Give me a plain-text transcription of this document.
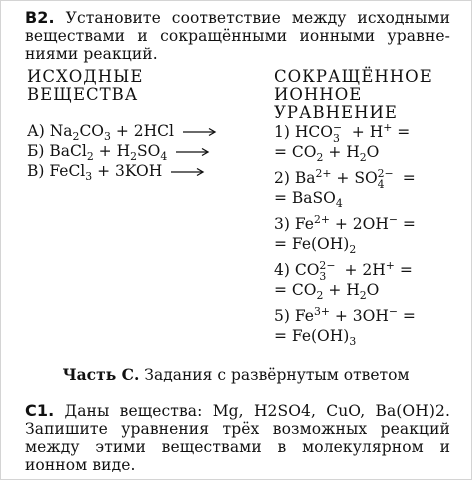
В2. Установите соответствие между исходными веществами и сокращёнными ионными уравне- ниями реакций.
ИСХОДНЫЕ
ВЕЩЕСТВА
СОКРАЩЁННОЕ
ИОННОЕ
УРАВНЕНИЕ
А) $Na_2CO_3 + 2HCl$
Б) BaCl$_2$ + $H_2SO_4$
В) FeCl$_3$ + 3KOH
1) HCO −
3 + H+ =
= $CO_2 + H_2O$
2) $Ba^{2+}$ + SO 2−
4 =
= BaSO$_4$
3) $Fe^{2+} + 2OH^-$ =
= $Fe(OH)_2$
4) CO 2−
3 + 2H+ =
= $CO_2 + H_2O$
5) $Fe^{3+} + 3OH^-$ =
= $Fe(OH)_3$
Часть С. Задания с развёрнутым ответом
С1. Даны вещества: Mg, H2SO4, CuO, Ba(OH)2. Запишите уравнения трёх возможных реакций между этими веществами в молекулярном и ионном виде.
